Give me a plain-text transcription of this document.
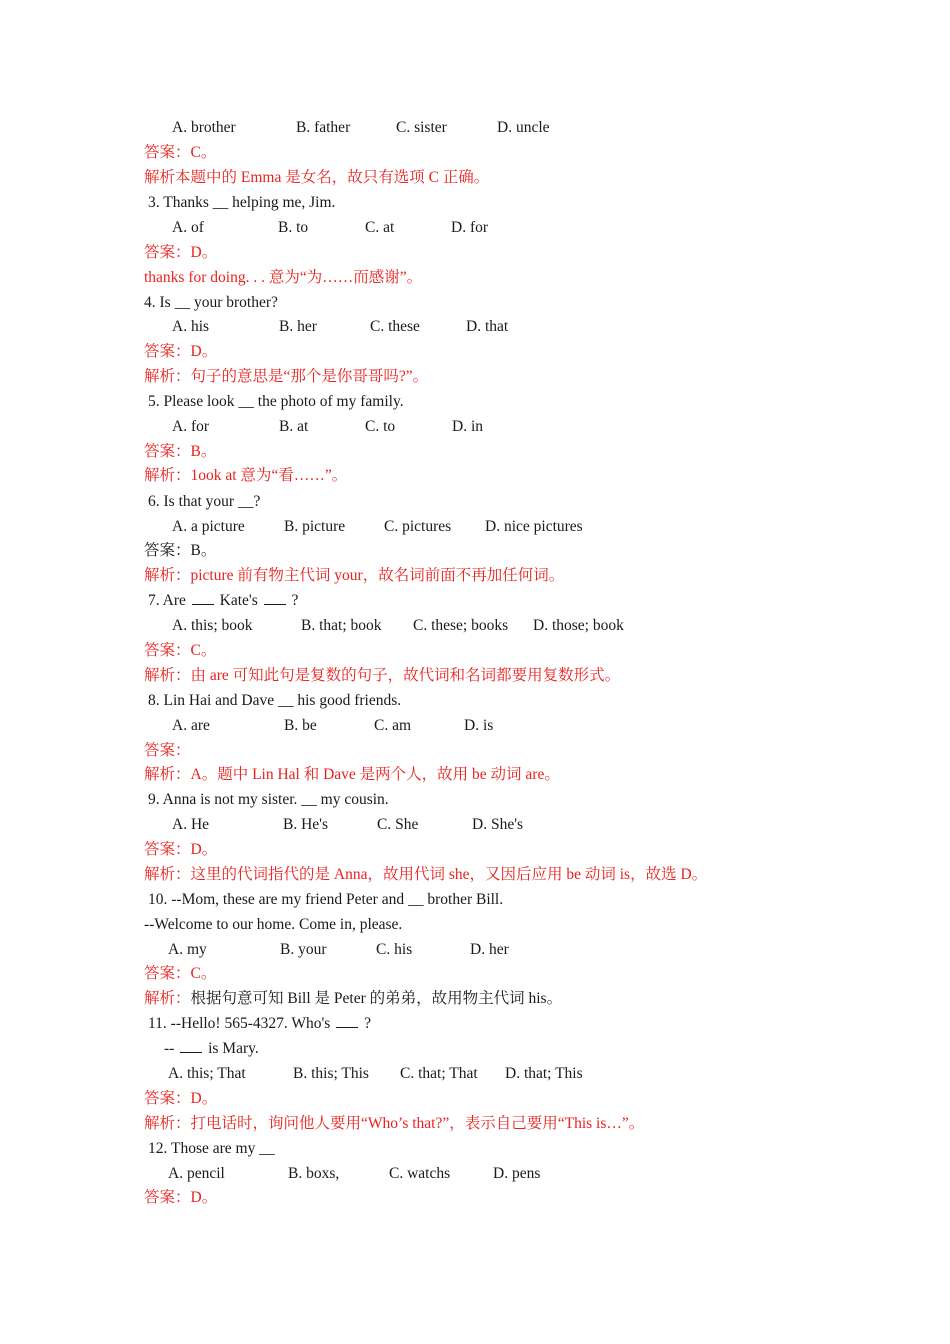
A. brother	B. father	C. sister	D. uncle
答案：C。
解析本题中的 Emma 是女名，故只有选项 C 正确。
3. Thanks __ helping me, Jim.
A. of	B. to	C. at	D. for
答案：D。
thanks for doing. . . 意为“为……而感谢”。
4. Is __ your brother?
A. his	B. her	C. these	D. that
答案：D。
解析：句子的意思是“那个是你哥哥吗?”。
5. Please look __ the photo of my family.
A. for	B. at	C. to	D. in
答案：B。
解析：1ook at 意为“看……”。
6. Is that your __?
A. a picture	B. picture	C. pictures D. nice pictures
答案：B。
解析：picture 前有物主代词 your，故名词前面不再加任何词。
7. Are Kate's ?
A. this; book	B. that; book C. these; books D. those; book
答案：C。
解析：由 are 可知此句是复数的句子，故代词和名词都要用复数形式。
8. Lin Hai and Dave __ his good friends.
A. are	B. be	C. am	D. is
答案：
解析：A。题中 Lin Hal 和 Dave 是两个人，故用 be 动词 are。
9. Anna is not my sister. __ my cousin.
A. He	B. He's	C. She	D. She's
答案：D。
解析：这里的代词指代的是 Anna，故用代词 she，又因后应用 be 动词 is，故选 D。
10. --Mom, these are my friend Peter and __ brother Bill.
--Welcome to our home. Come in, please.
A. my	B. your	C. his	D. her
答案：C。
解析：根据句意可知 Bill 是 Peter 的弟弟，故用物主代词 his。
11. --Hello! 565-4327. Who's ?
-- is Mary.
A. this; That	B. this; This C. that; That D. that; This
答案：D。
解析：打电话时，询问他人要用“Who’s that?”，表示自己要用“This is…”。
12. Those are my __
A. pencil	B. boxs,	C. watchs	D. pens
答案：D。
